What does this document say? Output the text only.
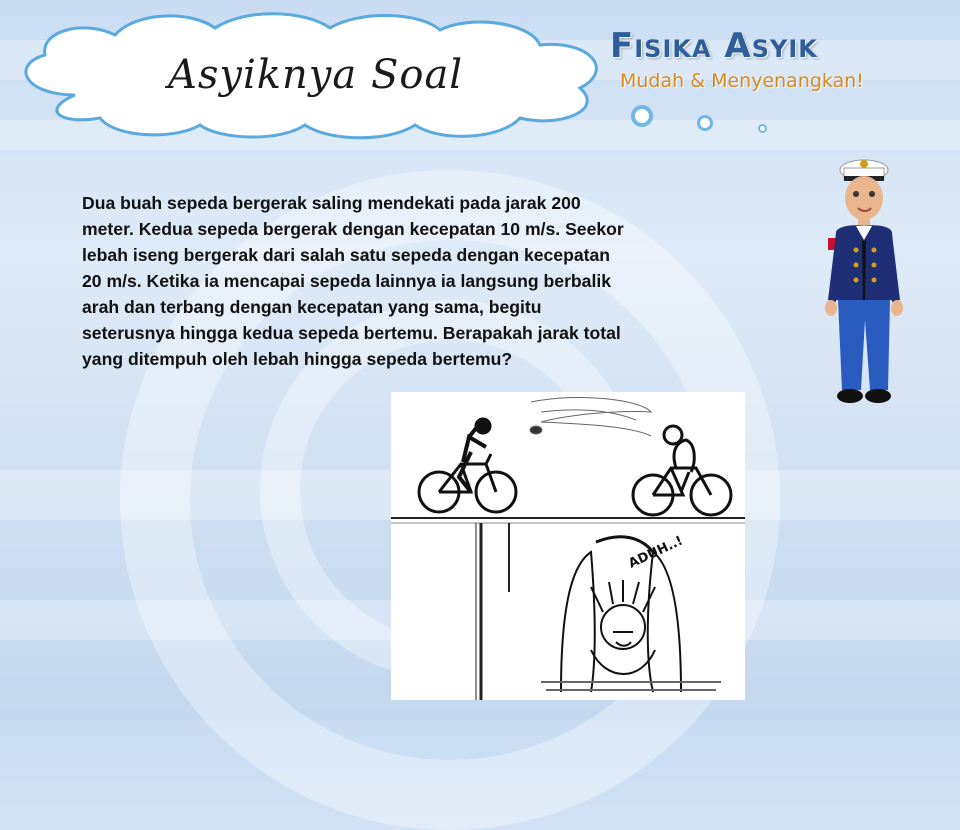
Asyiknya Soal
Fisika Asyik
Mudah & Menyenangkan!
Dua buah sepeda bergerak saling mendekati pada jarak 200
meter. Kedua sepeda bergerak dengan kecepatan 10 m/s. Seekor
lebah iseng bergerak dari salah satu sepeda dengan kecepatan
20 m/s. Ketika ia mencapai sepeda lainnya ia langsung berbalik
arah dan terbang dengan kecepatan yang sama, begitu
seterusnya hingga kedua sepeda bertemu. Berapakah jarak total
yang ditempuh oleh lebah hingga sepeda bertemu?
ADUH..!
